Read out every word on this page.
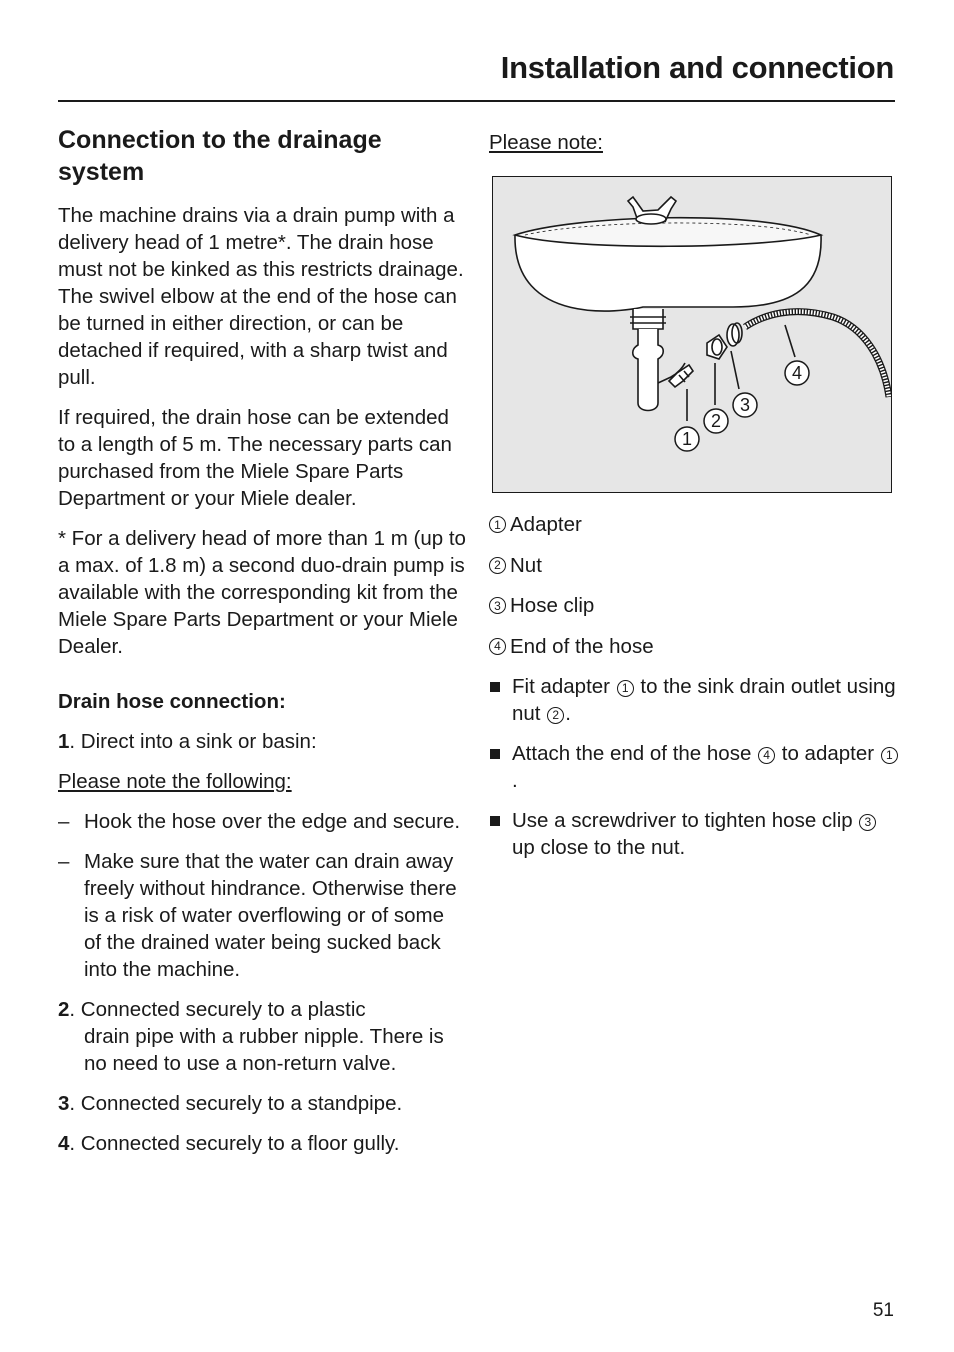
Installation and connection
Connection to the drainage system

The machine drains via a drain pump with a delivery head of 1 metre*. The drain hose must not be kinked as this restricts drainage. The swivel elbow at the end of the hose can be turned in either direction, or can be detached if required, with a sharp twist and pull.

If required, the drain hose can be extended to a length of 5 m. The necessary parts can purchased from the Miele Spare Parts Department or your Miele dealer.

* For a delivery head of more than 1 m (up to a max. of 1.8 m) a second duo-drain pump is available with the corresponding kit from the Miele Spare Parts Department or your Miele Dealer.

Drain hose connection:

1. Direct into a sink or basin:

Please note the following:

– Hook the hose over the edge and secure.

– Make sure that the water can drain away freely without hindrance. Otherwise there is a risk of water overflowing or of some of the drained water being sucked back into the machine.

2. Connected securely to a plastic
drain pipe with a rubber nipple. There is no need to use a non-return valve.

3. Connected securely to a standpipe.

4. Connected securely to a floor gully.

Please note:

1
2
3
4
1 Adapter
2 Nut
3 Hose clip
4 End of the hose
Fit adapter 1 to the sink drain outlet using nut 2 .
Attach the end of the hose 4 to adapter 1.
Use a screwdriver to tighten hose clip 3 up close to the nut.
51
